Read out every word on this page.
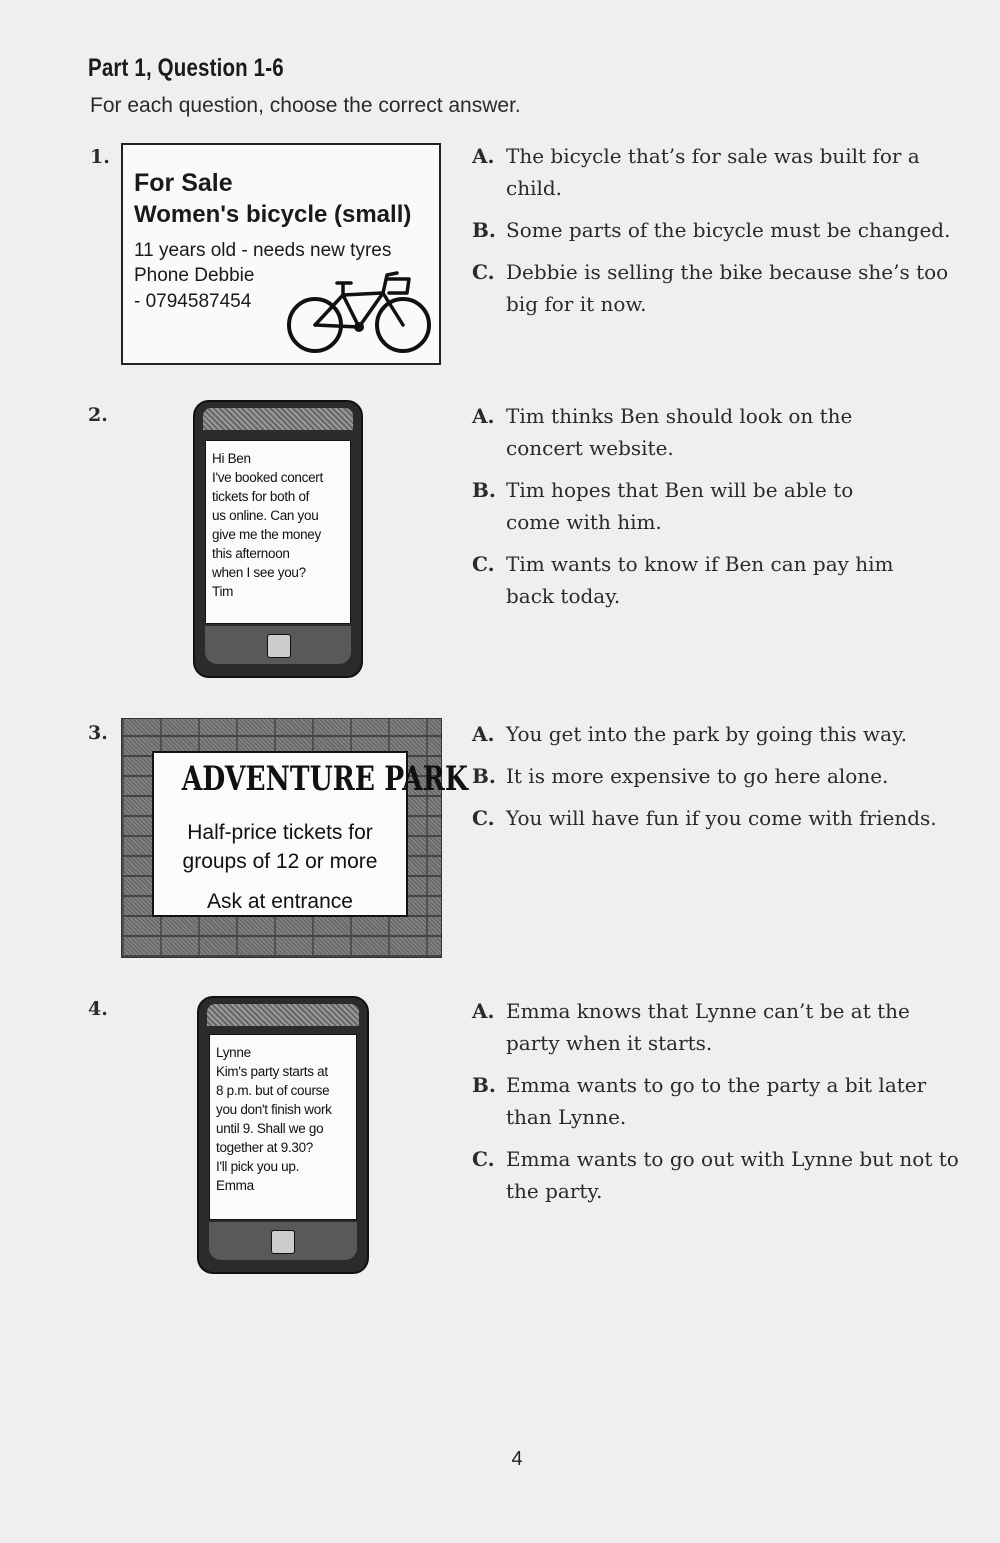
Part 1, Question 1-6
For each question, choose the correct answer.
1.
For Sale
Women's bicycle (small)
11 years old - needs new tyres
Phone Debbie
- 0794587454
A. The bicycle that’s for sale was built for a child.
B. Some parts of the bicycle must be changed.
C. Debbie is selling the bike because she’s too big for it now.
2.
Hi Ben
I've booked concert
tickets for both of
us online. Can you
give me the money
this afternoon
when I see you?
Tim
A. Tim thinks Ben should look on the concert website.
B. Tim hopes that Ben will be able to come with him.
C. Tim wants to know if Ben can pay him back today.
3.
ADVENTURE PARK
Half-price tickets for
groups of 12 or more
Ask at entrance
A. You get into the park by going this way.
B. It is more expensive to go here alone.
C. You will have fun if you come with friends.
4.
Lynne
Kim's party starts at
8 p.m. but of course
you don't finish work
until 9. Shall we go
together at 9.30?
I'll pick you up.
Emma
A. Emma knows that Lynne can’t be at the party when it starts.
B. Emma wants to go to the party a bit later than Lynne.
C. Emma wants to go out with Lynne but not to the party.
4
